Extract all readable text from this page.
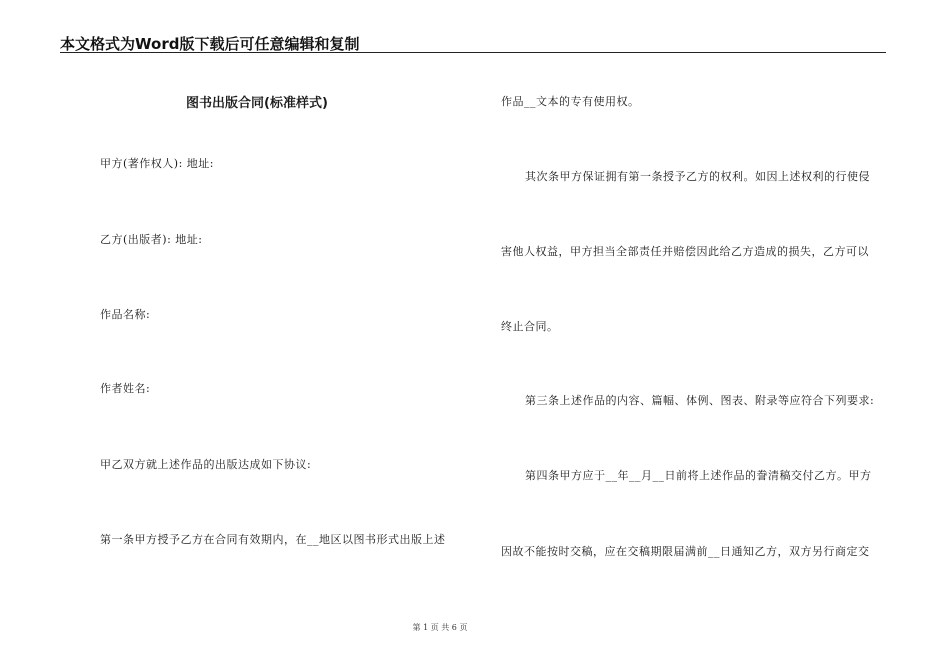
本文格式为Word版下载后可任意编辑和复制
图书出版合同(标准样式)
甲方(著作权人): 地址:
乙方(出版者): 地址:
作品名称:
作者姓名:
甲乙双方就上述作品的出版达成如下协议:
第一条甲方授予乙方在合同有效期内，在__地区以图书形式出版上述
作品__文本的专有使用权。
其次条甲方保证拥有第一条授予乙方的权利。如因上述权利的行使侵
害他人权益，甲方担当全部责任并赔偿因此给乙方造成的损失，乙方可以
终止合同。
第三条上述作品的内容、篇幅、体例、图表、附录等应符合下列要求:
第四条甲方应于__年__月__日前将上述作品的誊清稿交付乙方。甲方
因故不能按时交稿，应在交稿期限届满前__日通知乙方，双方另行商定交
第 1 页 共 6 页
